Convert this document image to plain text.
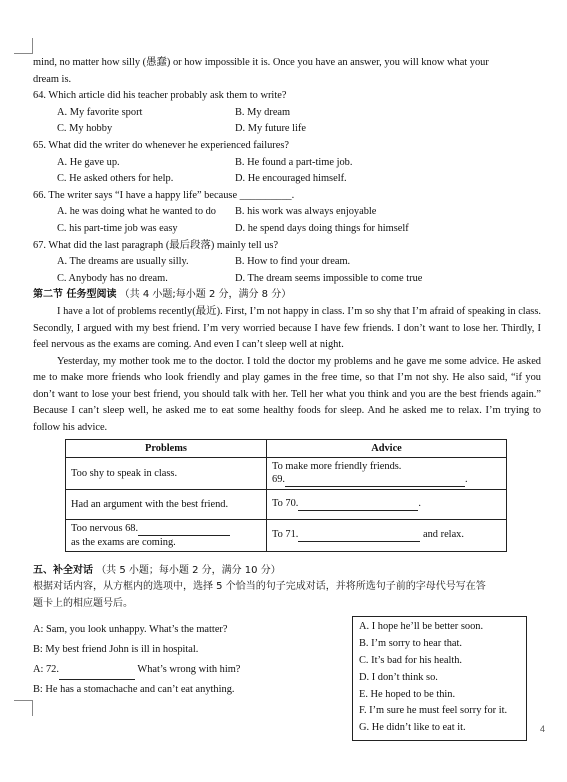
mind, no matter how silly (愚蠢) or how impossible it is. Once you have an answer, you will know what your
dream is.
64. Which article did his teacher probably ask them to write?
A. My favorite sport	B. My dream
C. My hobby	D. My future life
65. What did the writer do whenever he experienced failures?
A. He gave up.	B. He found a part-time job.
C. He asked others for help.	D. He encouraged himself.
66. The writer says “I have a happy life” because __________.
A. he was doing what he wanted to do	B. his work was always enjoyable
C. his part-time job was easy	D. he spend days doing things for himself
67. What did the last paragraph (最后段落) mainly tell us?
A. The dreams are usually silly.	B. How to find your dream.
C. Anybody has no dream.	D. The dream seems impossible to come true
第二节 任务型阅读 （共 4 小题;每小题 2 分，满分 8 分）
I have a lot of problems recently(最近). First, I’m not happy in class. I’m so shy that I’m afraid of speaking in class. Secondly, I argued with my best friend. I’m very worried because I have few friends. I don’t want to lose her. Thirdly, I feel nervous as the exams are coming. And even I can’t sleep well at night.
Yesterday, my mother took me to the doctor. I told the doctor my problems and he gave me some advice. He asked me to make more friends who look friendly and play games in the free time, so that I’m not shy. He also said, “if you don’t want to lose your best friend, you should talk with her. Tell her what you think and you are the best friends again.” Because I can’t sleep well, he asked me to eat some healthy foods for sleep. And he asked me to relax. I’m trying to follow his advice.
Problems	Advice
Too shy to speak in class.	To make more friendly friends.
69. .

Had an argument with the best friend.	To 70. .

Too nervous 68.
as the exams are coming.	To 71. and relax.
五、补全对话 （共 5 小题；每小题 2 分，满分 10 分）
根据对话内容，从方框内的选项中，选择 5 个恰当的句子完成对话，并将所选句子前的字母代号写在答
题卡上的相应题号后。
A: Sam, you look unhappy. What’s the matter?
B: My best friend John is ill in hospital.
A: 72.	What’s wrong with him?
B: He has a stomachache and can’t eat anything.
A. I hope he’ll be better soon.
B. I’m sorry to hear that.
C. It’s bad for his health.
D. I don’t think so.
E. He hoped to be thin.
F. I’m sure he must feel sorry for it.
G. He didn’t like to eat it.	4
